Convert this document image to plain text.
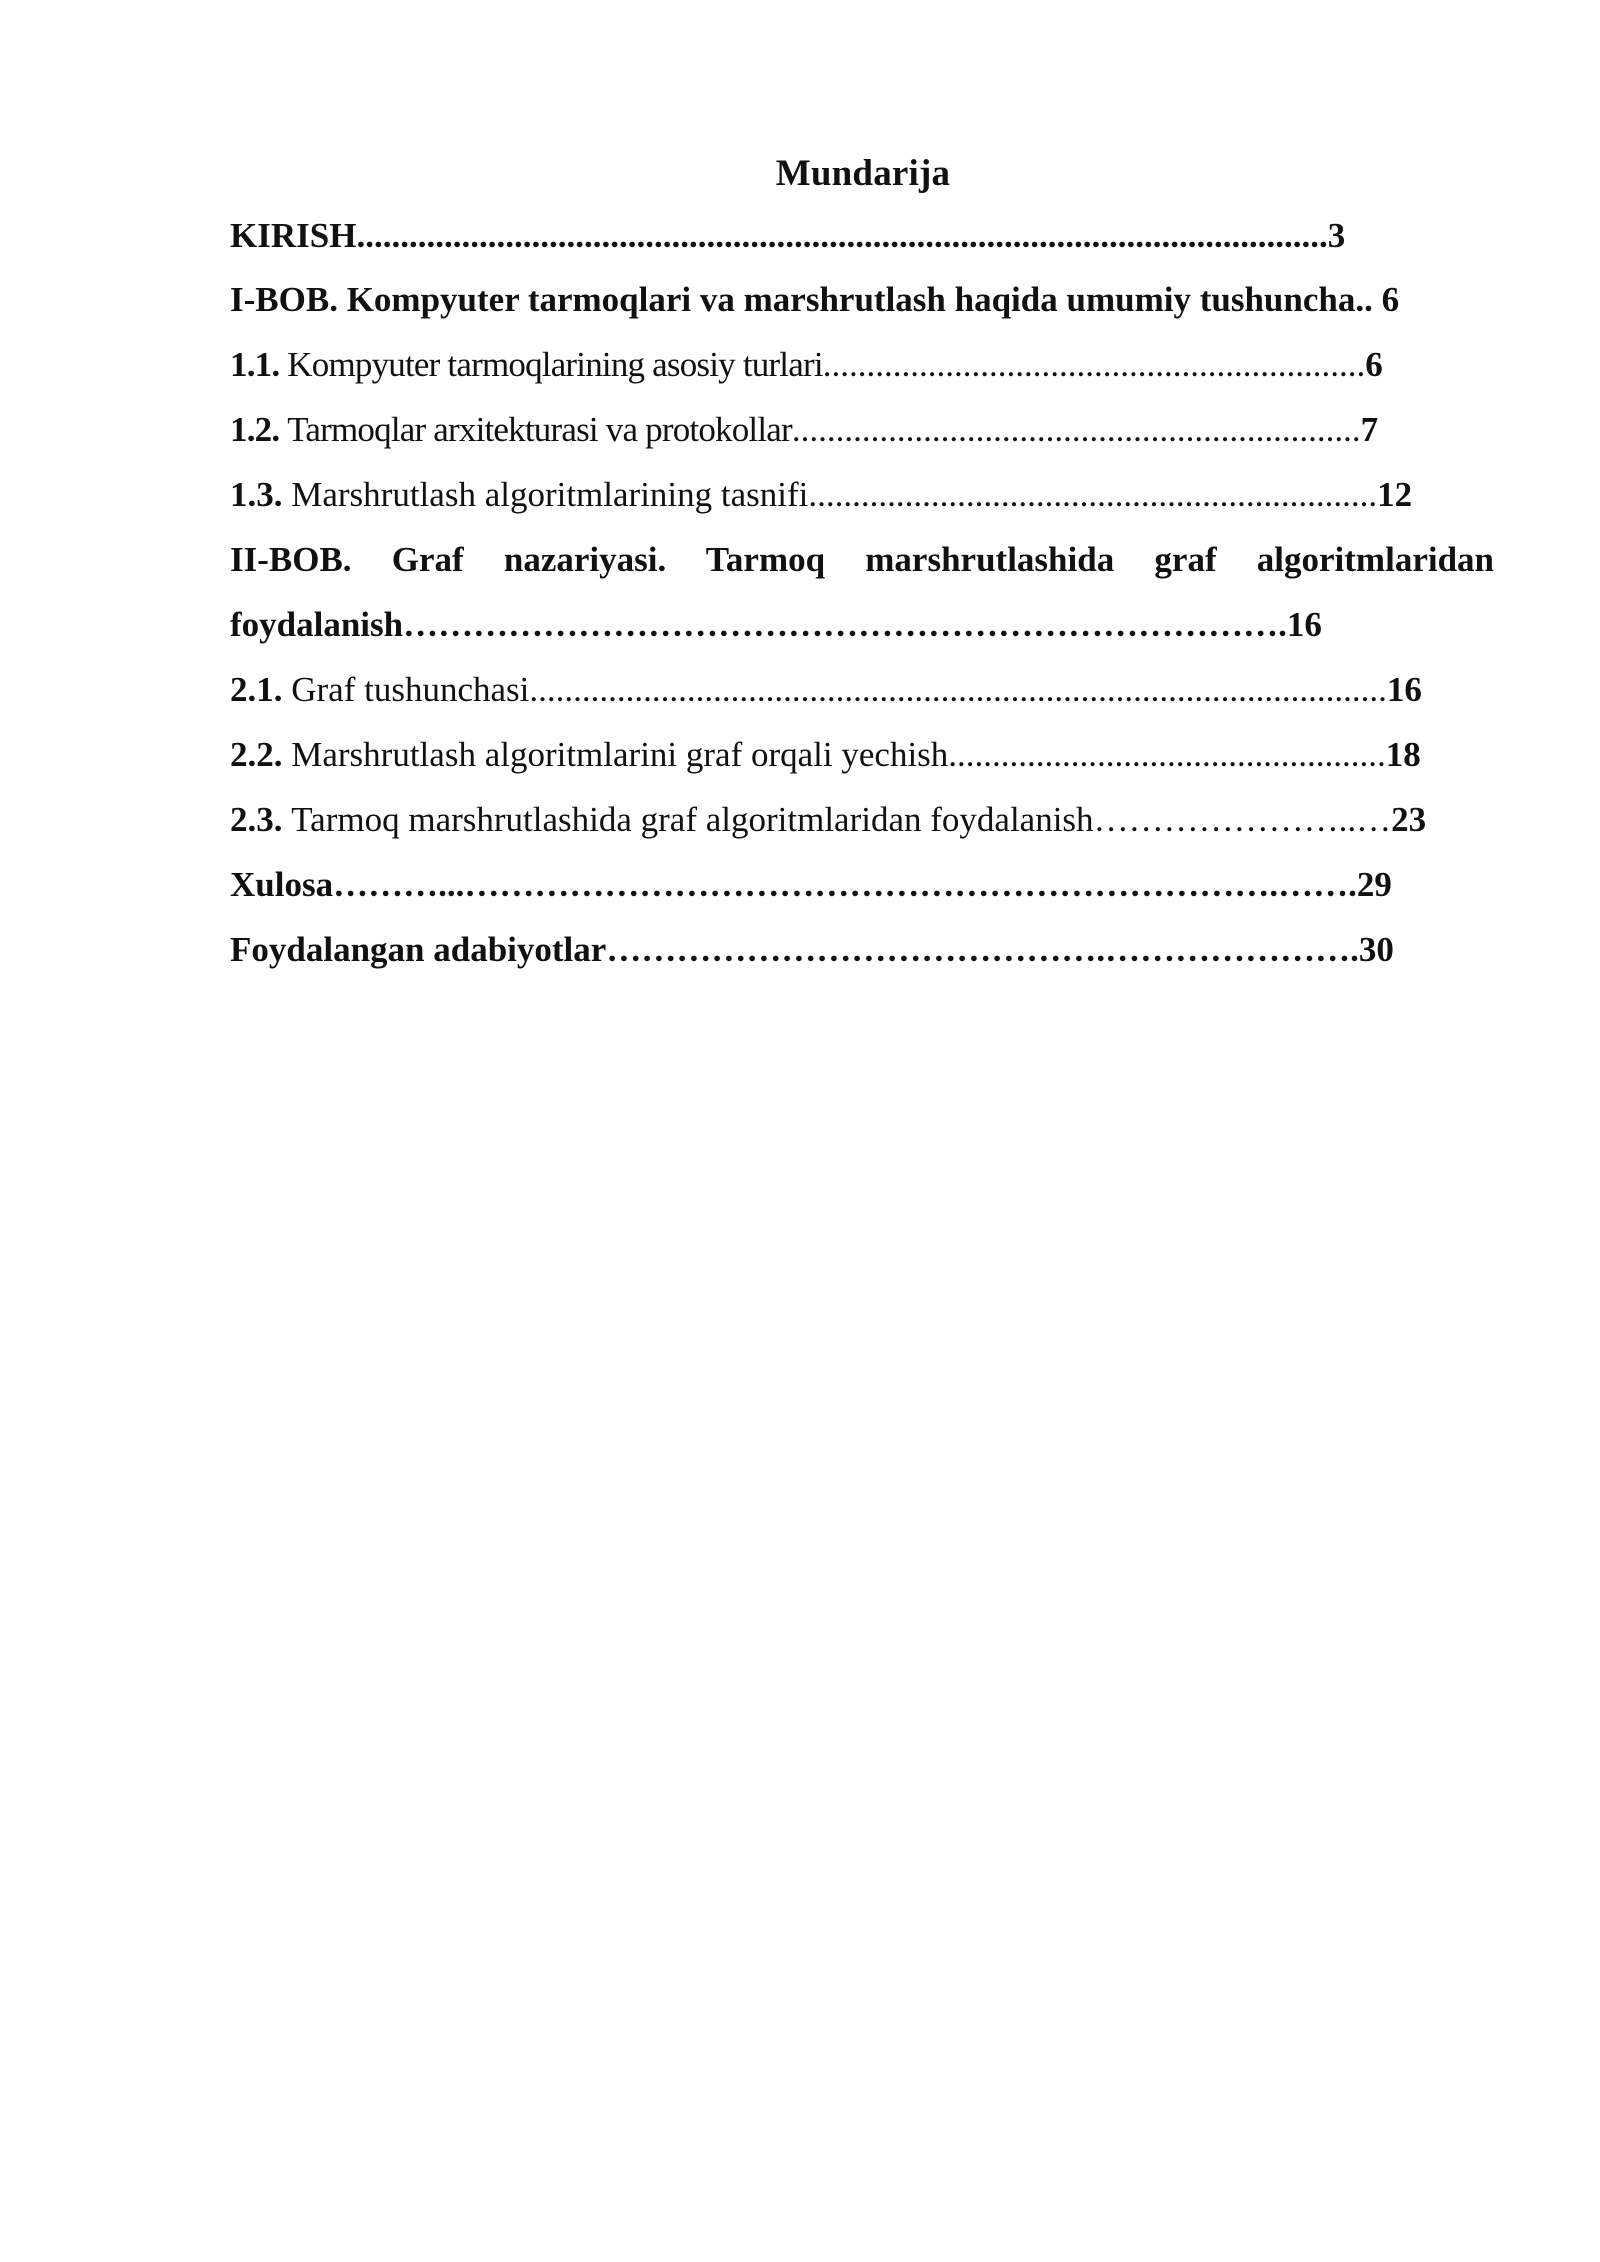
Mundarija
KIRISH...............................................................................................................3
I-BOB. Kompyuter tarmoqlari va marshrutlash haqida umumiy tushuncha.. 6
1.1. Kompyuter tarmoqlarining asosiy turlari..............................................................6
1.2. Tarmoqlar arxitekturasi va protokollar.................................................................7
1.3. Marshrutlash algoritmlarining tasnifi.................................................................12
II-BOB. Graf nazariyasi. Tarmoq marshrutlashida graf algoritmlaridan
foydalanish………………………………………………………………….16
2.1. Graf tushunchasi..................................................................................................16
2.2. Marshrutlash algoritmlarini graf orqali yechish..................................................18
2.3. Tarmoq marshrutlashida graf algoritmlaridan foydalanish…………………..…23
Xulosa………...…………………………………………………………….…….29
Foydalangan adabiyotlar…………………………………….………………….30
